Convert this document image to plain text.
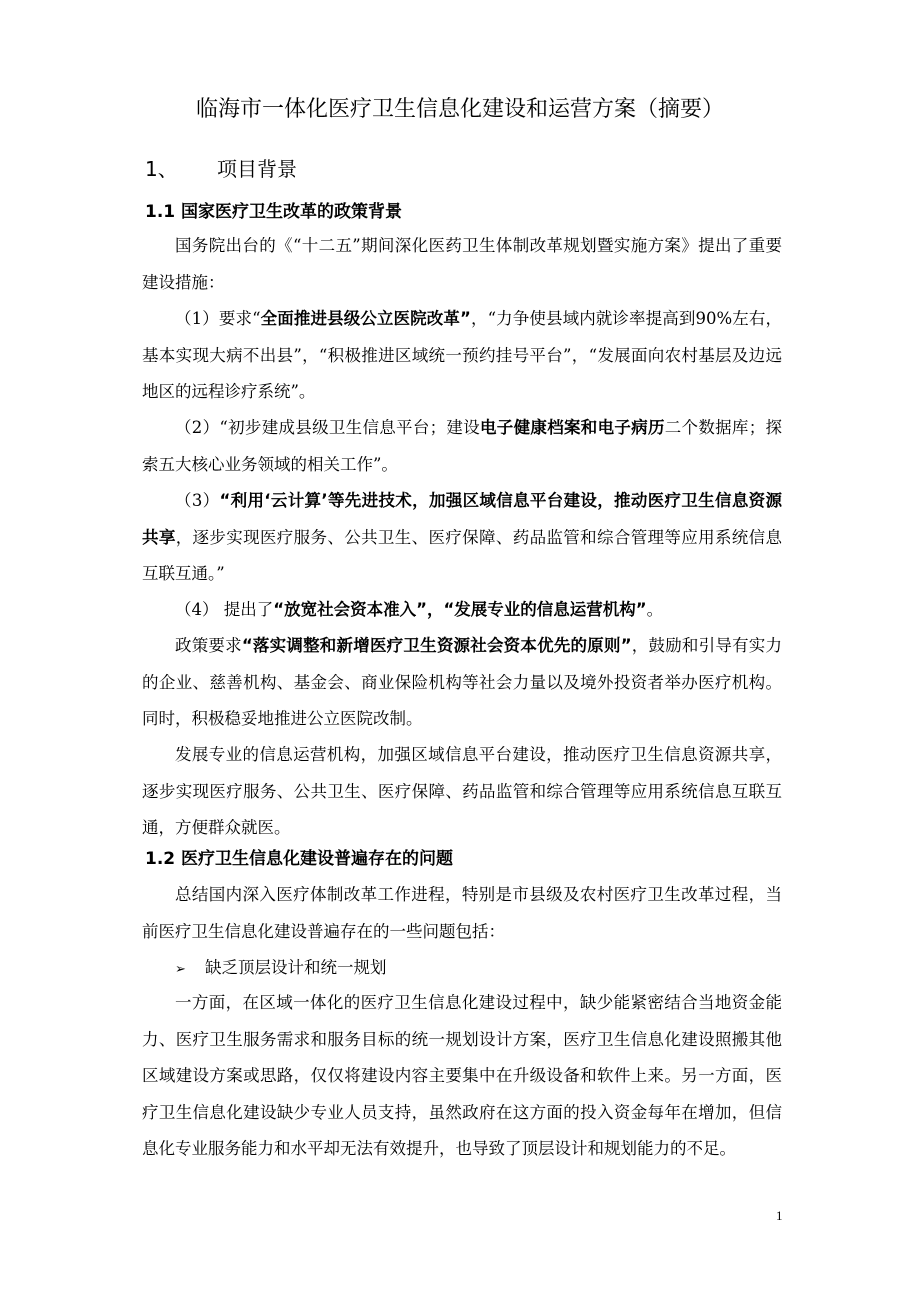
临海市一体化医疗卫生信息化建设和运营方案（摘要）
1、 项目背景
1.1 国家医疗卫生改革的政策背景

国务院出台的《“十二五”期间深化医药卫生体制改革规划暨实施方案》提出了重要建设措施：

（1）要求“全面推进县级公立医院改革”，“力争使县域内就诊率提高到90%左右，基本实现大病不出县”，“积极推进区域统一预约挂号平台”，“发展面向农村基层及边远地区的远程诊疗系统”。

（2）“初步建成县级卫生信息平台；建设电子健康档案和电子病历二个数据库；探索五大核心业务领域的相关工作”。

（3）“利用‘云计算’等先进技术，加强区域信息平台建设，推动医疗卫生信息资源共享，逐步实现医疗服务、公共卫生、医疗保障、药品监管和综合管理等应用系统信息互联互通。”

（4） 提出了“放宽社会资本准入”，“发展专业的信息运营机构”。

政策要求“落实调整和新增医疗卫生资源社会资本优先的原则”，鼓励和引导有实力的企业、慈善机构、基金会、商业保险机构等社会力量以及境外投资者举办医疗机构。同时，积极稳妥地推进公立医院改制。

发展专业的信息运营机构，加强区域信息平台建设，推动医疗卫生信息资源共享，逐步实现医疗服务、公共卫生、医疗保障、药品监管和综合管理等应用系统信息互联互通，方便群众就医。

1.2 医疗卫生信息化建设普遍存在的问题

总结国内深入医疗体制改革工作进程，特别是市县级及农村医疗卫生改革过程，当前医疗卫生信息化建设普遍存在的一些问题包括：

➢ 缺乏顶层设计和统一规划

一方面，在区域一体化的医疗卫生信息化建设过程中，缺少能紧密结合当地资金能力、医疗卫生服务需求和服务目标的统一规划设计方案，医疗卫生信息化建设照搬其他区域建设方案或思路，仅仅将建设内容主要集中在升级设备和软件上来。另一方面，医疗卫生信息化建设缺少专业人员支持，虽然政府在这方面的投入资金每年在增加，但信息化专业服务能力和水平却无法有效提升，也导致了顶层设计和规划能力的不足。

1
